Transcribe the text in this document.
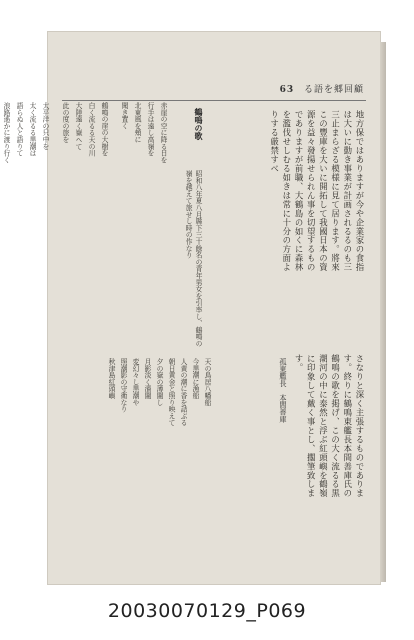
63 る語を郷回顧
地方保ではありますが今や企業家の食指は大いに動き事業が計画されるるのも三三止まらざる模様に見て居ります。將來この豐庫を大いに開拓して我國日本の資源を益々發揚せられん事を切望するものでありますが前職、大鶴島の如くに森林を濫伐せしむる如きは常に十分の方面よりする厳禁すべ
鶴鳴の歌
昭和八年夏八月縣下三十餘名の青年男女を引率し、鶴鳴の嶺を越えて旅せし時の作なり
赤崖の空に降る日を
行手は遠し高嶺を
北東風を頬に
聞き置く
鶴鳴の崖の大樹を
白く流るる天の川
大陸遠く嶽へて
此の度の旅を
太平洋の只中を
太く流るる黒潮は
語らぬ人と語りて
浪路遙かに渡り行く
さなりと深く主張するものであります。終りに鶴鳴東艦長本間善庫氏の鶴鳴の歌を掲げ、この大く流るる黒潮河の中に泰然と浮ぶ紅頭嶼を鶴嶺に印象して戴く事とし、擱筆致します。
孤東艦長　本間善庫
天の鳥居八幡船
今黒潮に漁船
人黄の潮に香を詰ぶる
朝日黄金と照り映えて
夕の嶽の薄闇し
月影淡く濱闇
変幻々し黒潮や
照潮影の守衛なり
秋津島紅頭嶼
20030070129_P069
